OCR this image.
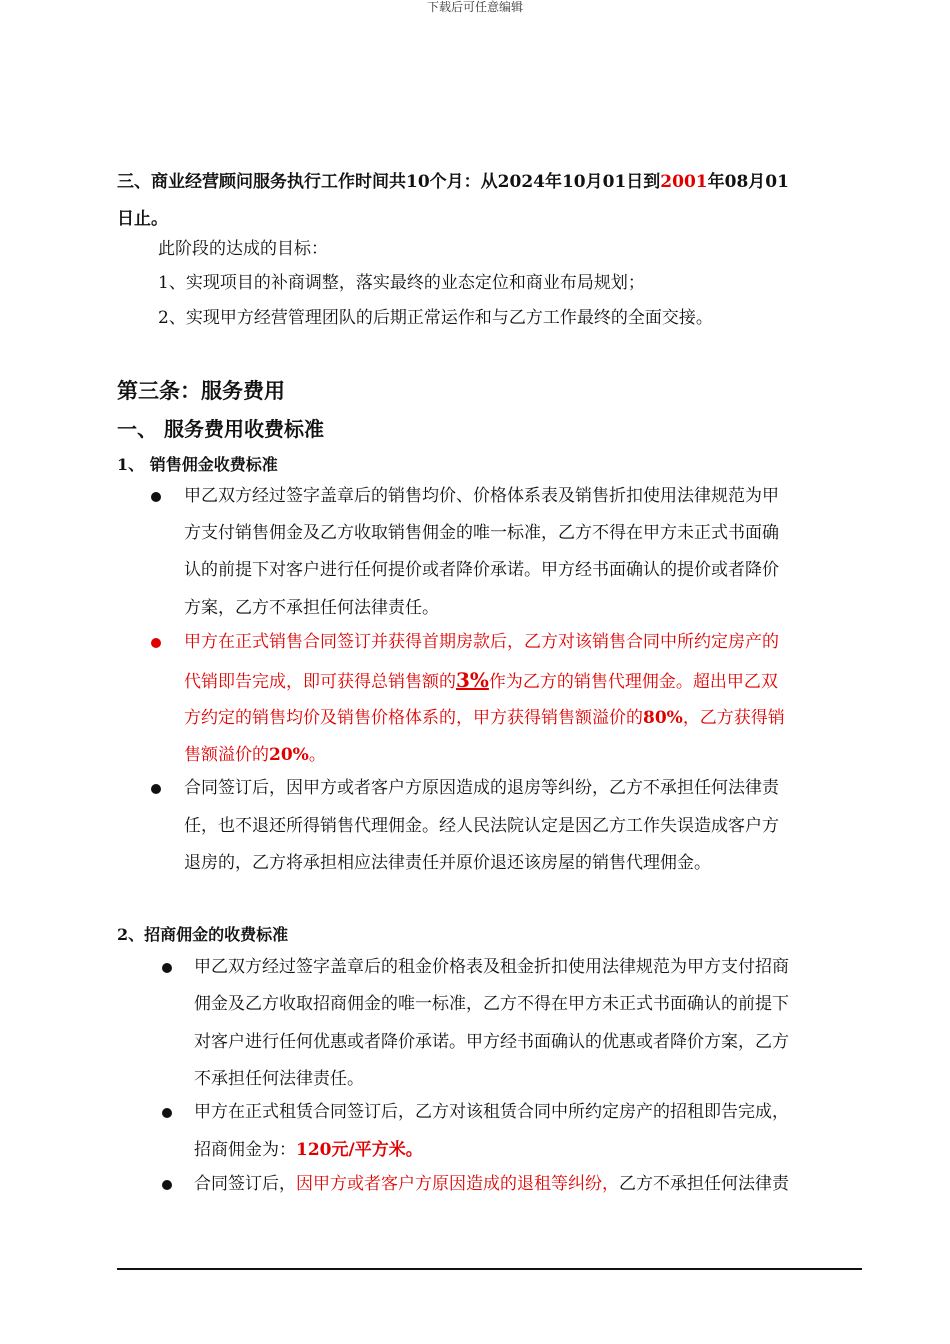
下载后可任意编辑
三、商业经营顾问服务执行工作时间共10个月：从2024年10月01日到2001年08月01
日止。
此阶段的达成的目标：
1、实现项目的补商调整，落实最终的业态定位和商业布局规划；
2、实现甲方经营管理团队的后期正常运作和与乙方工作最终的全面交接。
第三条：服务费用
一、 服务费用收费标准
1、 销售佣金收费标准
甲乙双方经过签字盖章后的销售均价、价格体系表及销售折扣使用法律规范为甲
方支付销售佣金及乙方收取销售佣金的唯一标准，乙方不得在甲方未正式书面确
认的前提下对客户进行任何提价或者降价承诺。甲方经书面确认的提价或者降价
方案，乙方不承担任何法律责任。
甲方在正式销售合同签订并获得首期房款后，乙方对该销售合同中所约定房产的
代销即告完成，即可获得总销售额的3%作为乙方的销售代理佣金。超出甲乙双
方约定的销售均价及销售价格体系的，甲方获得销售额溢价的80%，乙方获得销
售额溢价的20%。
合同签订后，因甲方或者客户方原因造成的退房等纠纷，乙方不承担任何法律责
任，也不退还所得销售代理佣金。经人民法院认定是因乙方工作失误造成客户方
退房的，乙方将承担相应法律责任并原价退还该房屋的销售代理佣金。
2、招商佣金的收费标准
甲乙双方经过签字盖章后的租金价格表及租金折扣使用法律规范为甲方支付招商
佣金及乙方收取招商佣金的唯一标准，乙方不得在甲方未正式书面确认的前提下
对客户进行任何优惠或者降价承诺。甲方经书面确认的优惠或者降价方案，乙方
不承担任何法律责任。
甲方在正式租赁合同签订后，乙方对该租赁合同中所约定房产的招租即告完成，
招商佣金为：120元/平方米。
合同签订后，因甲方或者客户方原因造成的退租等纠纷，乙方不承担任何法律责
